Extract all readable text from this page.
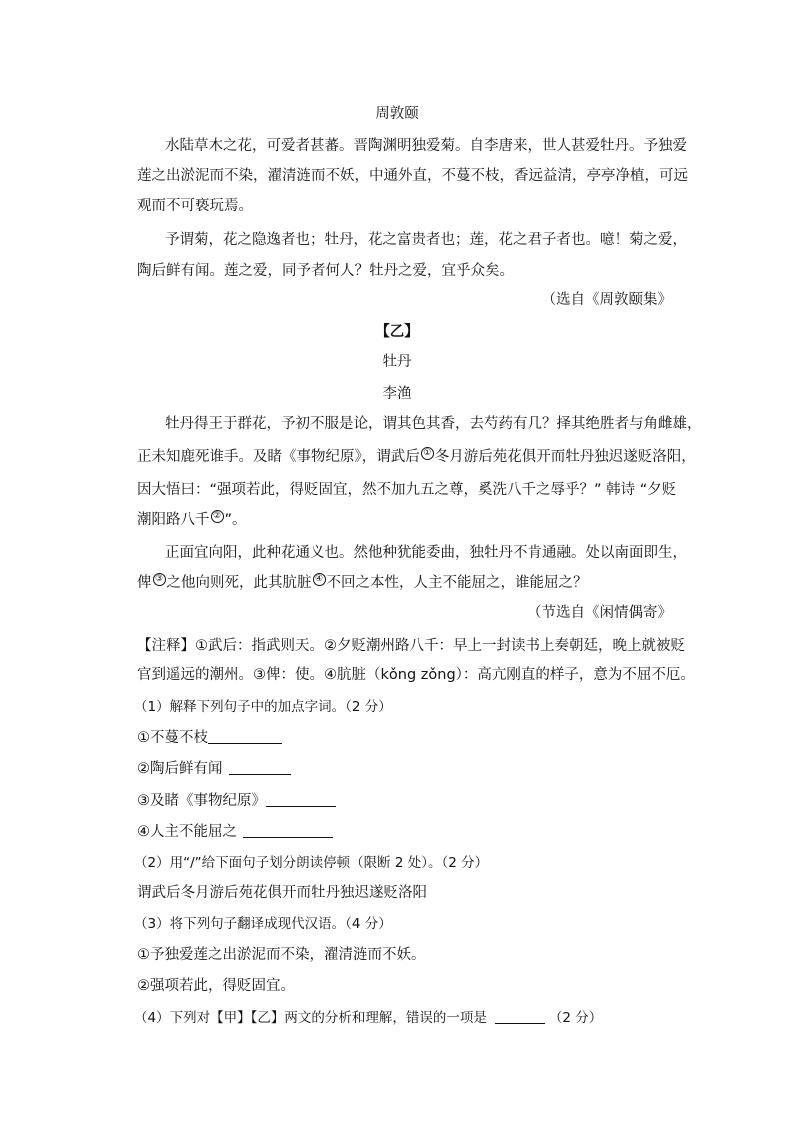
周敦颐
水陆草木之花，可爱者甚蕃。晋陶渊明独爱菊。自李唐来，世人甚爱牡丹。予独爱
莲之出淤泥而不染，濯清涟而不妖，中通外直，不蔓不枝，香远益清，亭亭净植，可远
观而不可亵玩焉。
予谓菊，花之隐逸者也；牡丹，花之富贵者也；莲，花之君子者也。噫！菊之爱，
陶后鲜有闻。莲之爱，同予者何人？牡丹之爱，宜乎众矣。
（选自《周敦颐集》
【乙】
牡丹
李渔
牡丹得王于群花，予初不服是论，谓其色其香，去芍药有几？择其绝胜者与角雌雄，
正未知鹿死谁手。及睹《事物纪原》，谓武后 ① 冬月游后苑花俱开而牡丹独迟遂贬洛阳，
因大悟曰：“强项若此，得贬固宜，然不加九五之尊，奚洗八千之辱乎？” 韩诗 “夕贬
潮阳路八千 ② ”。
正面宜向阳，此种花通义也。然他种犹能委曲，独牡丹不肯通融。处以南面即生，
俾 ③ 之他向则死，此其肮脏 ④ 不回之本性，人主不能屈之，谁能屈之？
（节选自《闲情偶寄》
【注释】①武后：指武则天。②夕贬潮州路八千：早上一封读书上奏朝廷，晚上就被贬
官到遥远的潮州。③俾：使。④肮脏（kǒng zǒng）：高亢刚直的样子，意为不屈不厄。
（1）解释下列句子中的加点字词。（2 分）
①不蔓不枝
②陶后鲜有闻
③及睹《事物纪原》
④人主不能屈之
（2）用“/”给下面句子划分朗读停顿（限断 2 处）。（2 分）
谓武后冬月游后苑花俱开而牡丹独迟遂贬洛阳
（3）将下列句子翻译成现代汉语。（4 分）
①予独爱莲之出淤泥而不染，濯清涟而不妖。
②强项若此，得贬固宜。
（4）下列对【甲】【乙】两文的分析和理解，错误的一项是	（2 分）
